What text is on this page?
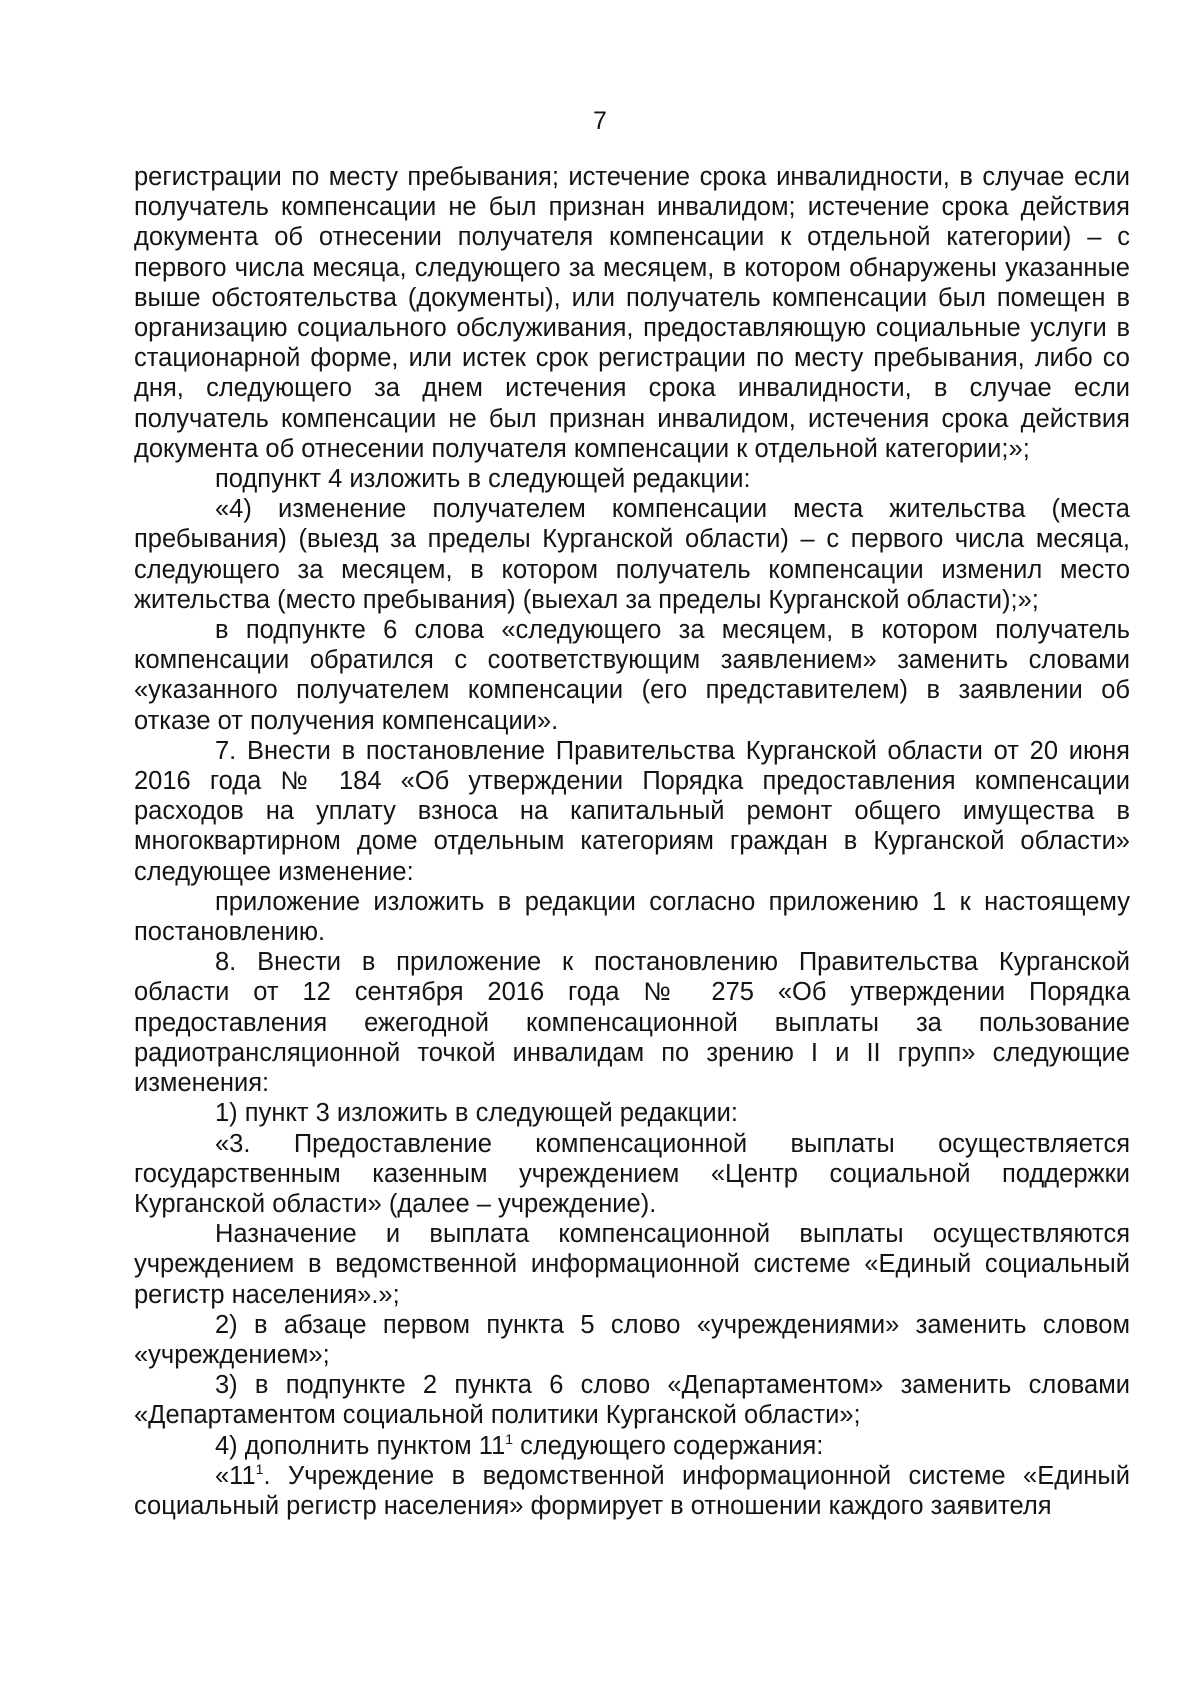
7

регистрации по месту пребывания; истечение срока инвалидности, в случае если получатель компенсации не был признан инвалидом; истечение срока действия документа об отнесении получателя компенсации к отдельной категории) – с первого числа месяца, следующего за месяцем, в котором обнаружены указанные выше обстоятельства (документы), или получатель компенсации был помещен в организацию социального обслуживания, предоставляющую социальные услуги в стационарной форме, или истек срок регистрации по месту пребывания, либо со дня, следующего за днем истечения срока инвалидности, в случае если получатель компенсации не был признан инвалидом, истечения срока действия документа об отнесении получателя компенсации к отдельной категории;»;

подпункт 4 изложить в следующей редакции:

«4) изменение получателем компенсации места жительства (места пребывания) (выезд за пределы Курганской области) – с первого числа месяца, следующего за месяцем, в котором получатель компенсации изменил место жительства (место пребывания) (выехал за пределы Курганской области);»;

в подпункте 6 слова «следующего за месяцем, в котором получатель компенсации обратился с соответствующим заявлением» заменить словами «указанного получателем компенсации (его представителем) в заявлении об отказе от получения компенсации».

7. Внести в постановление Правительства Курганской области от 20 июня 2016 года № 184 «Об утверждении Порядка предоставления компенсации расходов на уплату взноса на капитальный ремонт общего имущества в многоквартирном доме отдельным категориям граждан в Курганской области» следующее изменение:

приложение изложить в редакции согласно приложению 1 к настоящему постановлению.

8. Внести в приложение к постановлению Правительства Курганской области от 12 сентября 2016 года № 275 «Об утверждении Порядка предоставления ежегодной компенсационной выплаты за пользование радиотрансляционной точкой инвалидам по зрению I и II групп» следующие изменения:

1) пункт 3 изложить в следующей редакции:

«3. Предоставление компенсационной выплаты осуществляется государственным казенным учреждением «Центр социальной поддержки Курганской области» (далее – учреждение).

Назначение и выплата компенсационной выплаты осуществляются учреждением в ведомственной информационной системе «Единый социальный регистр населения».»;

2) в абзаце первом пункта 5 слово «учреждениями» заменить словом «учреждением»;

3) в подпункте 2 пункта 6 слово «Департаментом» заменить словами «Департаментом социальной политики Курганской области»;

4) дополнить пунктом $11^1$ следующего содержания:

«$11^1$. Учреждение в ведомственной информационной системе «Единый социальный регистр населения» формирует в отношении каждого заявителя
